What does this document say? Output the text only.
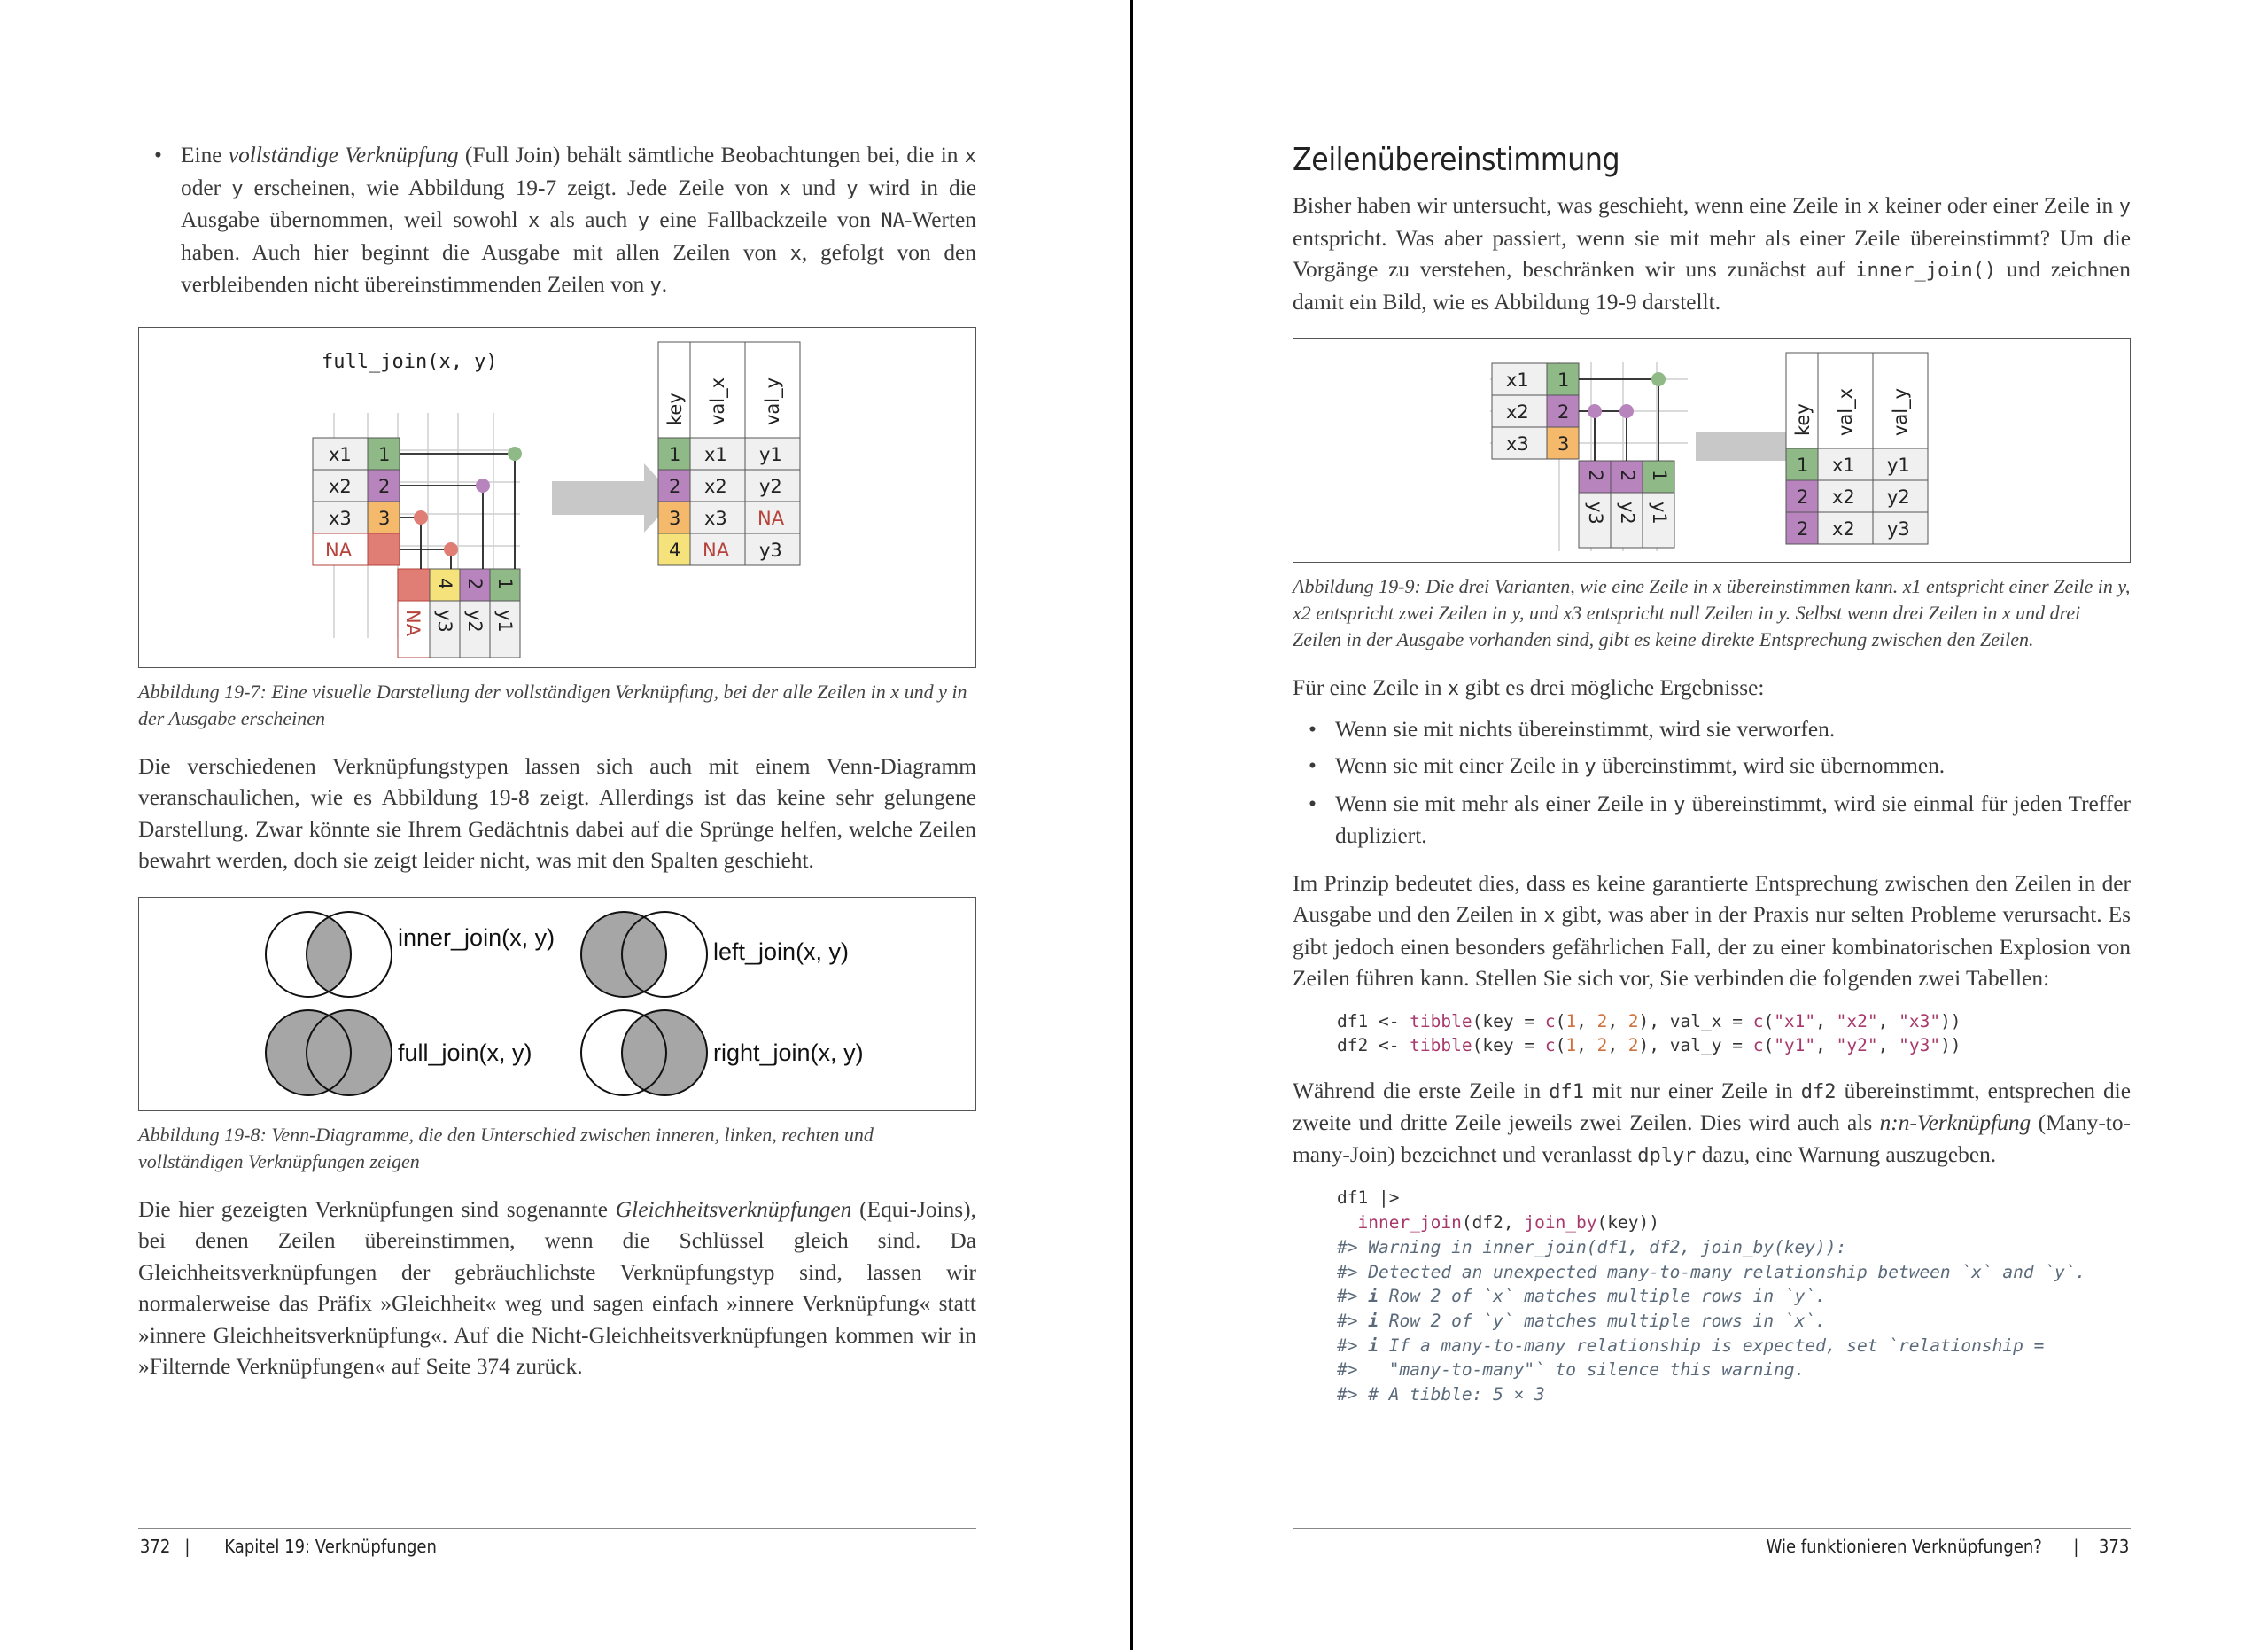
• Eine vollständige Verknüpfung (Full Join) behält sämtliche Beobachtungen bei, die in x oder y erscheinen, wie Abbildung 19-7 zeigt. Jede Zeile von x und y wird in die Ausgabe übernommen, weil sowohl x als auch y eine Fallbackzeile von NA-Werten haben. Auch hier beginnt die Ausgabe mit allen Zeilen von x, gefolgt von den verbleibenden nicht übereinstimmenden Zeilen von y.
full_join(x, y)
x1
x2
x3
NA
1
2
3
4 2 1
NA y3 y2 y1
key val_x val_y
1 x1 y1
2 x2 y2
3 x3 NA
4 NA y3
Abbildung 19-7: Eine visuelle Darstellung der vollständigen Verknüpfung, bei der alle Zeilen in x und y in der Ausgabe erscheinen

Die verschiedenen Verknüpfungstypen lassen sich auch mit einem Venn-Diagramm veranschaulichen, wie es Abbildung 19-8 zeigt. Allerdings ist das keine sehr gelungene Darstellung. Zwar könnte sie Ihrem Gedächtnis dabei auf die Sprünge helfen, welche Zeilen bewahrt werden, doch sie zeigt leider nicht, was mit den Spalten geschieht.

inner_join(x, y)
left_join(x, y)
full_join(x, y)	right_join(x, y)
Abbildung 19-8: Venn-Diagramme, die den Unterschied zwischen inneren, linken, rechten und vollständigen Verknüpfungen zeigen

Die hier gezeigten Verknüpfungen sind sogenannte Gleichheitsverknüpfungen (Equi-Joins), bei denen Zeilen übereinstimmen, wenn die Schlüssel gleich sind. Da Gleichheitsverknüpfungen der gebräuchlichste Verknüpfungstyp sind, lassen wir normalerweise das Präfix »Gleichheit« weg und sagen einfach »innere Verknüpfung« statt »innere Gleichheitsverknüpfung«. Auf die Nicht-Gleichheitsverknüpfungen kommen wir in »Filternde Verknüpfungen« auf Seite 374 zurück.

372 | Kapitel 19: Verknüpfungen
Zeilenübereinstimmung

Bisher haben wir untersucht, was geschieht, wenn eine Zeile in x keiner oder einer Zeile in y entspricht. Was aber passiert, wenn sie mit mehr als einer Zeile übereinstimmt? Um die Vorgänge zu verstehen, beschränken wir uns zunächst auf inner_join() und zeichnen damit ein Bild, wie es Abbildung 19-9 darstellt.

x1
x2
x3
1
2
3
2 2 1
y3 y2 y1
key val_x val_y
1 x1 y1
2 x2 y2
2 x2 y3
Abbildung 19-9: Die drei Varianten, wie eine Zeile in x übereinstimmen kann. x1 entspricht einer Zeile in y, x2 entspricht zwei Zeilen in y, und x3 entspricht null Zeilen in y. Selbst wenn drei Zeilen in x und drei Zeilen in der Ausgabe vorhanden sind, gibt es keine direkte Entsprechung zwischen den Zeilen.

Für eine Zeile in x gibt es drei mögliche Ergebnisse:

• Wenn sie mit nichts übereinstimmt, wird sie verworfen.
• Wenn sie mit einer Zeile in y übereinstimmt, wird sie übernommen.
• Wenn sie mit mehr als einer Zeile in y übereinstimmt, wird sie einmal für jeden Treffer dupliziert.

Im Prinzip bedeutet dies, dass es keine garantierte Entsprechung zwischen den Zeilen in der Ausgabe und den Zeilen in x gibt, was aber in der Praxis nur selten Probleme verursacht. Es gibt jedoch einen besonders gefährlichen Fall, der zu einer kombinatorischen Explosion von Zeilen führen kann. Stellen Sie sich vor, Sie verbinden die folgenden zwei Tabellen:

df1 <- tibble(key = c(1, 2, 2), val_x = c("x1", "x2", "x3"))
df2 <- tibble(key = c(1, 2, 2), val_y = c("y1", "y2", "y3"))

Während die erste Zeile in df1 mit nur einer Zeile in df2 übereinstimmt, entsprechen die zweite und dritte Zeile jeweils zwei Zeilen. Dies wird auch als n:n-Verknüpfung (Many-to-many-Join) bezeichnet und veranlasst dplyr dazu, eine Warnung auszugeben.

df1 |>
inner_join(df2, join_by(key))
#> Warning in inner_join(df1, df2, join_by(key)):
#> Detected an unexpected many-to-many relationship between `x` and `y`.
#> i Row 2 of `x` matches multiple rows in `y`.
#> i Row 2 of `y` matches multiple rows in `x`.
#> i If a many-to-many relationship is expected, set `relationship =
#>   "many-to-many"` to silence this warning.
#> # A tibble: 5 × 3
Wie funktionieren Verknüpfungen? | 373
